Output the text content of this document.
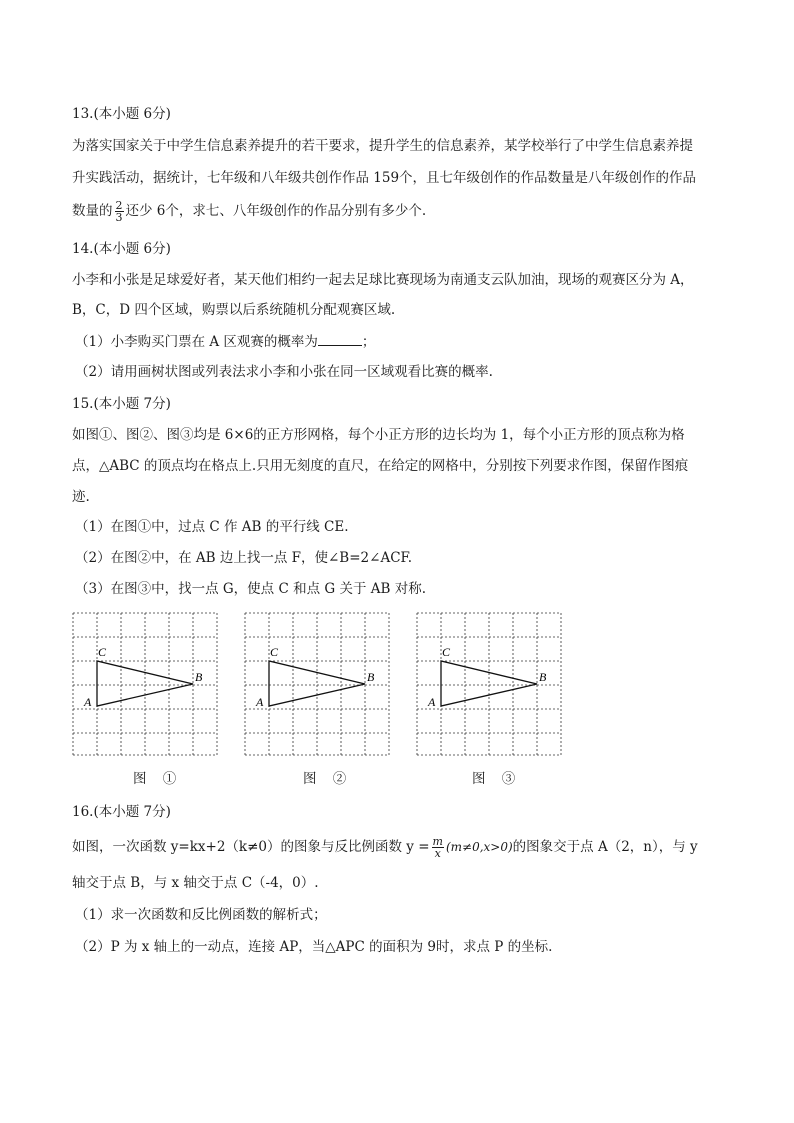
13.(本小题 6分)
为落实国家关于中学生信息素养提升的若干要求，提升学生的信息素养，某学校举行了中学生信息素养提
升实践活动，据统计，七年级和八年级共创作作品 159个，且七年级创作的作品数量是八年级创作的作品
数量的 $\frac{2}{3}$ 还少 6个，求七、八年级创作的作品分别有多少个.
14.(本小题 6分)
小李和小张是足球爱好者，某天他们相约一起去足球比赛现场为南通支云队加油，现场的观赛区分为 A，
B，C，D 四个区域，购票以后系统随机分配观赛区域.
（1）小李购买门票在 A 区观赛的概率为	；
（2）请用画树状图或列表法求小李和小张在同一区域观看比赛的概率.
15.(本小题 7分)
如图①、图②、图③均是 6×6的正方形网格，每个小正方形的边长均为 1，每个小正方形的顶点称为格
点，△ABC 的顶点均在格点上.只用无刻度的直尺，在给定的网格中，分别按下列要求作图，保留作图痕
迹.
（1）在图①中，过点 C 作 AB 的平行线 CE.
（2）在图②中，在 AB 边上找一点 F，使∠B=2∠ACF.
（3）在图③中，找一点 G，使点 C 和点 G 关于 AB 对称.
C
A
B
图 ①
C
A
B
图 ②
C
A
B
图 ③
16.(本小题 7分)
如图，一次函数 y=kx+2（k≠0）的图象与反比例函数 $y = \frac{m}{x} (m\ne 0,x>0)$的图象交于点 A（2，n），与 y
轴交于点 B，与 x 轴交于点 C（-4，0）.
（1）求一次函数和反比例函数的解析式；
（2）P 为 x 轴上的一动点，连接 AP，当△APC 的面积为 9时，求点 P 的坐标.
